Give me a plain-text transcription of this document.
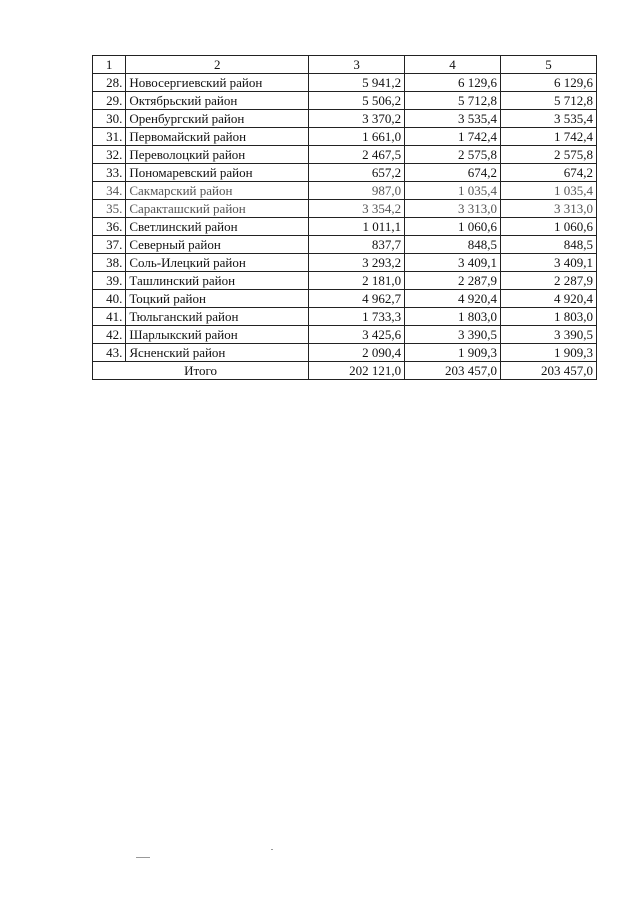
1	2	3	4	5
28.	Новосергиевский район	5 941,2	6 129,6	6 129,6
29.	Октябрьский район	5 506,2	5 712,8	5 712,8
30.	Оренбургский район	3 370,2	3 535,4	3 535,4
31.	Первомайский район	1 661,0	1 742,4	1 742,4
32.	Переволоцкий район	2 467,5	2 575,8	2 575,8
33.	Пономаревский район	657,2	674,2	674,2
34.	Сакмарский район	987,0	1 035,4	1 035,4
35.	Саракташский район	3 354,2	3 313,0	3 313,0
36.	Светлинский район	1 011,1	1 060,6	1 060,6
37.	Северный район	837,7	848,5	848,5
38.	Соль-Илецкий район	3 293,2	3 409,1	3 409,1
39.	Ташлинский район	2 181,0	2 287,9	2 287,9
40.	Тоцкий район	4 962,7	4 920,4	4 920,4
41.	Тюльганский район	1 733,3	1 803,0	1 803,0
42.	Шарлыкский район	3 425,6	3 390,5	3 390,5
43.	Ясненский район	2 090,4	1 909,3	1 909,3
Итого		202 121,0	203 457,0	203 457,0
